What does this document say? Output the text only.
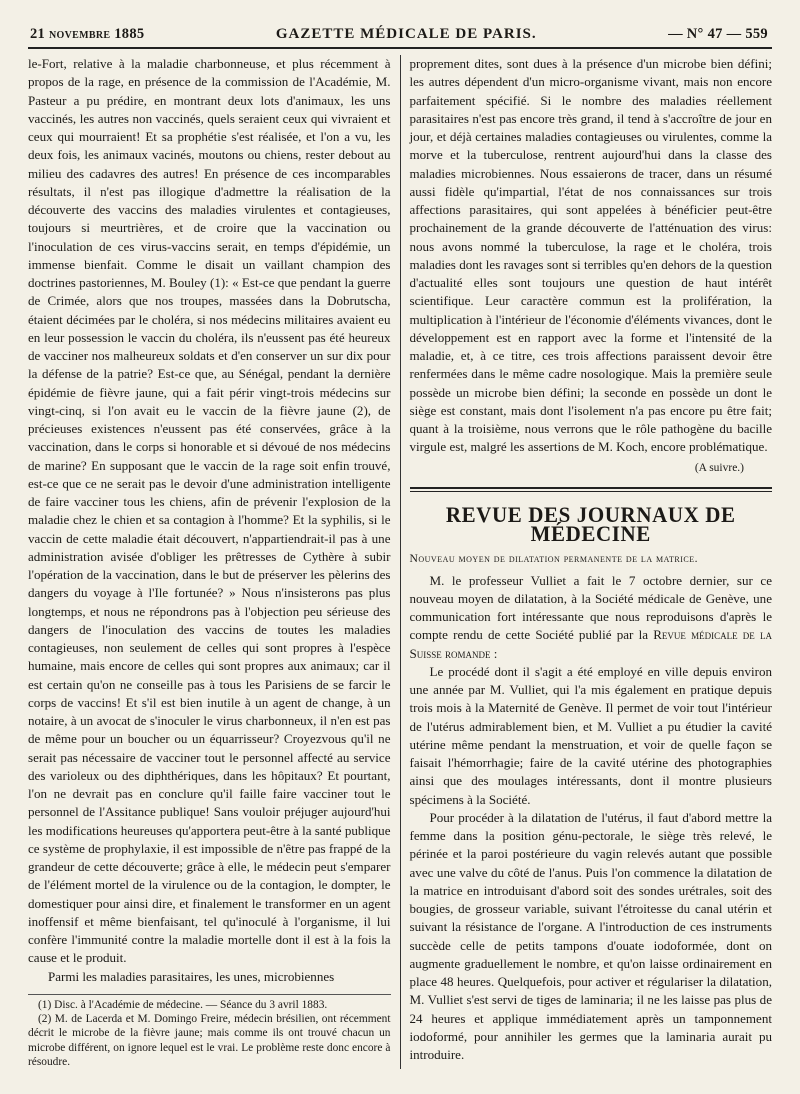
21 novembre 1885	GAZETTE MÉDICALE DE PARIS.	— N° 47 — 559

le-Fort, relative à la maladie charbonneuse, et plus récemment à propos de la rage, en présence de la commission de l'Académie, M. Pasteur a pu prédire, en montrant deux lots d'animaux, les uns vaccinés, les autres non vaccinés, quels seraient ceux qui vivraient et ceux qui mourraient! Et sa prophétie s'est réalisée, et l'on a vu, les deux fois, les animaux vacinés, moutons ou chiens, rester debout au milieu des cadavres des autres! En présence de ces incomparables résultats, il n'est pas illogique d'admettre la réalisation de la découverte des vaccins des maladies virulentes et contagieuses, toujours si meurtrières, et de croire que la vaccination ou l'inoculation de ces virus-vaccins serait, en temps d'épidémie, un immense bienfait. Comme le disait un vaillant champion des doctrines pastoriennes, M. Bouley (1): « Est-ce que pendant la guerre de Crimée, alors que nos troupes, massées dans la Dobrutscha, étaient décimées par le choléra, si nos médecins militaires avaient eu en leur possession le vaccin du choléra, ils n'eussent pas été heureux de vacciner nos malheureux soldats et d'en conserver un sur dix pour la défense de la patrie? Est-ce que, au Sénégal, pendant la dernière épidémie de fièvre jaune, qui a fait périr vingt-trois médecins sur vingt-cinq, si l'on avait eu le vaccin de la fièvre jaune (2), de précieuses existences n'eussent pas été conservées, grâce à la vaccination, dans le corps si honorable et si dévoué de nos médecins de marine? En supposant que le vaccin de la rage soit enfin trouvé, est-ce que ce ne serait pas le devoir d'une administration intelligente de faire vacciner tous les chiens, afin de prévenir l'explosion de la maladie chez le chien et sa contagion à l'homme? Et la syphilis, si le vaccin de cette maladie était découvert, n'appartiendrait-il pas à une administration avisée d'obliger les prêtresses de Cythère à subir l'opération de la vaccination, dans le but de préserver les pèlerins des dangers du voyage à l'Ile fortunée? » Nous n'insisterons pas plus longtemps, et nous ne répondrons pas à l'objection peu sérieuse des dangers de l'inoculation des vaccins de toutes les maladies contagieuses, non seulement de celles qui sont propres à l'espèce humaine, mais encore de celles qui sont propres aux animaux; car il est certain qu'on ne conseille pas à tous les Parisiens de se farcir le corps de vaccins! Et s'il est bien inutile à un agent de change, à un notaire, à un avocat de s'inoculer le virus charbonneux, il n'en est pas de même pour un boucher ou un équarrisseur? Croyezvous qu'il ne serait pas nécessaire de vacciner tout le personnel affecté au service des varioleux ou des diphthériques, dans les hôpitaux? Et pourtant, l'on ne devrait pas en conclure qu'il faille faire vacciner tout le personnel de l'Assitance publique! Sans vouloir préjuger aujourd'hui les modifications heureuses qu'apportera peut-être à la santé publique ce système de prophylaxie, il est impossible de n'être pas frappé de la grandeur de cette découverte; grâce à elle, le médecin peut s'emparer de l'élément mortel de la virulence ou de la contagion, le dompter, le domestiquer pour ainsi dire, et finalement le transformer en un agent inoffensif et même bienfaisant, tel qu'inoculé à l'organisme, il lui confère l'immunité contre la maladie mortelle dont il est à la fois la cause et le produit.

Parmi les maladies parasitaires, les unes, microbiennes

(1) Disc. à l'Académie de médecine. — Séance du 3 avril 1883.

(2) M. de Lacerda et M. Domingo Freire, médecin brésilien, ont récemment décrit le microbe de la fièvre jaune; mais comme ils ont trouvé chacun un microbe différent, on ignore lequel est le vrai. Le problème reste donc encore à résoudre.

proprement dites, sont dues à la présence d'un microbe bien défini; les autres dépendent d'un micro-organisme vivant, mais non encore parfaitement spécifié. Si le nombre des maladies réellement parasitaires n'est pas encore très grand, il tend à s'accroître de jour en jour, et déjà certaines maladies contagieuses ou virulentes, comme la morve et la tuberculose, rentrent aujourd'hui dans la classe des maladies microbiennes. Nous essaierons de tracer, dans un résumé aussi fidèle qu'impartial, l'état de nos connaissances sur trois affections parasitaires, qui sont appelées à bénéficier peut-être prochainement de la grande découverte de l'atténuation des virus: nous avons nommé la tuberculose, la rage et le choléra, trois maladies dont les ravages sont si terribles qu'en dehors de la question d'actualité elles sont toujours une question de haut intérêt scientifique. Leur caractère commun est la prolifération, la multiplication à l'intérieur de l'économie d'éléments vivances, dont le développement est en rapport avec la forme et l'intensité de la maladie, et, à ce titre, ces trois affections paraissent devoir être renfermées dans le même cadre nosologique. Mais la première seule possède un microbe bien défini; la seconde en possède un dont le siège est constant, mais dont l'isolement n'a pas encore pu être fait; quant à la troisième, nous verrons que le rôle pathogène du bacille virgule est, malgré les assertions de M. Koch, encore problématique.

(A suivre.)
REVUE DES JOURNAUX DE MÉDECINE
Nouveau moyen de dilatation permanente de la matrice.

M. le professeur Vulliet a fait le 7 octobre dernier, sur ce nouveau moyen de dilatation, à la Société médicale de Genève, une communication fort intéressante que nous reproduisons d'après le compte rendu de cette Société publié par la Revue médicale de la Suisse romande :

Le procédé dont il s'agit a été employé en ville depuis environ une année par M. Vulliet, qui l'a mis également en pratique depuis trois mois à la Maternité de Genève. Il permet de voir tout l'intérieur de l'utérus admirablement bien, et M. Vulliet a pu étudier la cavité utérine même pendant la menstruation, et voir de quelle façon se faisait l'hémorrhagie; faire de la cavité utérine des photographies ainsi que des moulages intéressants, dont il montre plusieurs spécimens à la Société.

Pour procéder à la dilatation de l'utérus, il faut d'abord mettre la femme dans la position génu-pectorale, le siège très relevé, le périnée et la paroi postérieure du vagin relevés autant que possible avec une valve du côté de l'anus. Puis l'on commence la dilatation de la matrice en introduisant d'abord soit des sondes urétrales, soit des bougies, de grosseur variable, suivant l'étroitesse du canal utérin et suivant la résistance de l'organe. A l'introduction de ces instruments succède celle de petits tampons d'ouate iodoformée, dont on augmente graduellement le nombre, et qu'on laisse ordinairement en place 48 heures. Quelquefois, pour activer et régulariser la dilatation, M. Vulliet s'est servi de tiges de laminaria; il ne les laisse pas plus de 24 heures et applique immédiatement après un tamponnement iodoformé, pour annihiler les germes que la laminaria aurait pu introduire.
